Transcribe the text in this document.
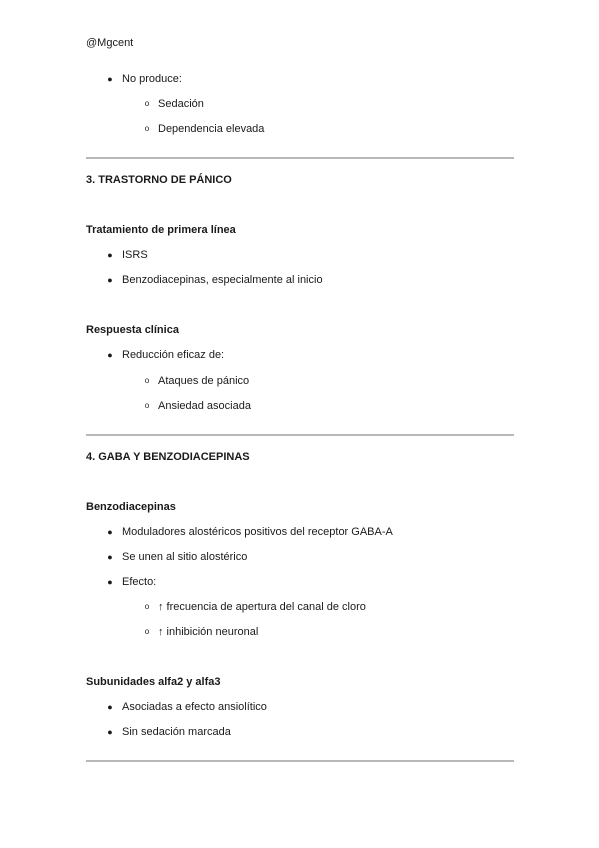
@Mgcent
● No produce:
o Sedación
o Dependencia elevada
3. TRASTORNO DE PÁNICO
Tratamiento de primera línea
● ISRS
● Benzodiacepinas, especialmente al inicio
Respuesta clínica
● Reducción eficaz de:
o Ataques de pánico
o Ansiedad asociada
4. GABA Y BENZODIACEPINAS
Benzodiacepinas
● Moduladores alostéricos positivos del receptor GABA-A
● Se unen al sitio alostérico
● Efecto:
o ↑ frecuencia de apertura del canal de cloro
o ↑ inhibición neuronal
Subunidades alfa2 y alfa3
● Asociadas a efecto ansiolítico
● Sin sedación marcada
